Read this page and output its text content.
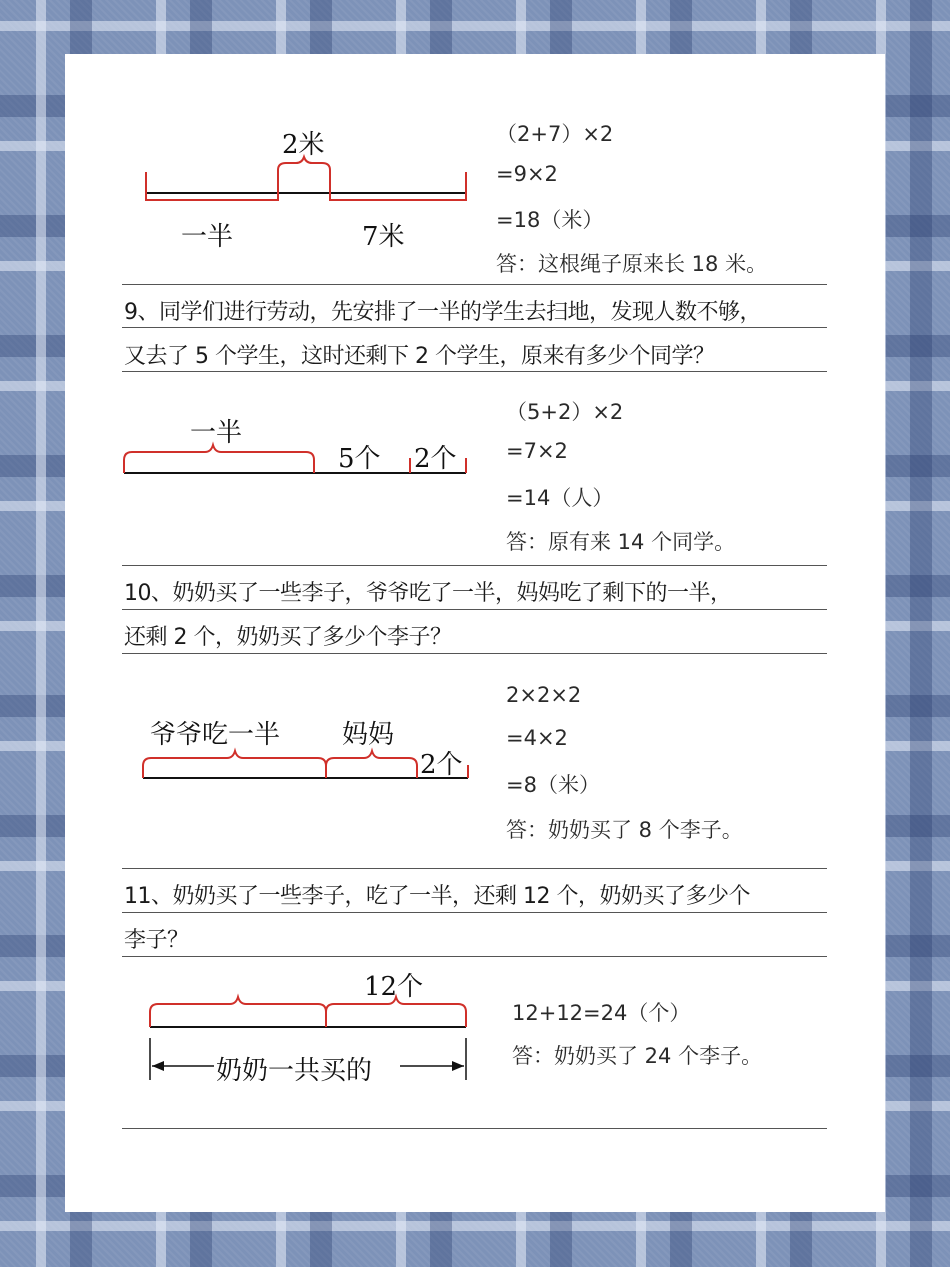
2米
一半	7米
（2+7）×2
=9×2
=18（米）
答：这根绳子原来长 18 米。
9、同学们进行劳动，先安排了一半的学生去扫地，发现人数不够，
又去了 5 个学生，这时还剩下 2 个学生，原来有多少个同学？
一半
5个 2个
（5+2）×2
=7×2
=14（人）
答：原有来 14 个同学。
10、奶奶买了一些李子，爷爷吃了一半，妈妈吃了剩下的一半，
还剩 2 个，奶奶买了多少个李子？
爷爷吃一半 妈妈
2个
2×2×2
=4×2
=8（米）
答：奶奶买了 8 个李子。
11、奶奶买了一些李子，吃了一半，还剩 12 个，奶奶买了多少个
李子？
12个
奶奶一共买的
12+12=24（个）
答：奶奶买了 24 个李子。
